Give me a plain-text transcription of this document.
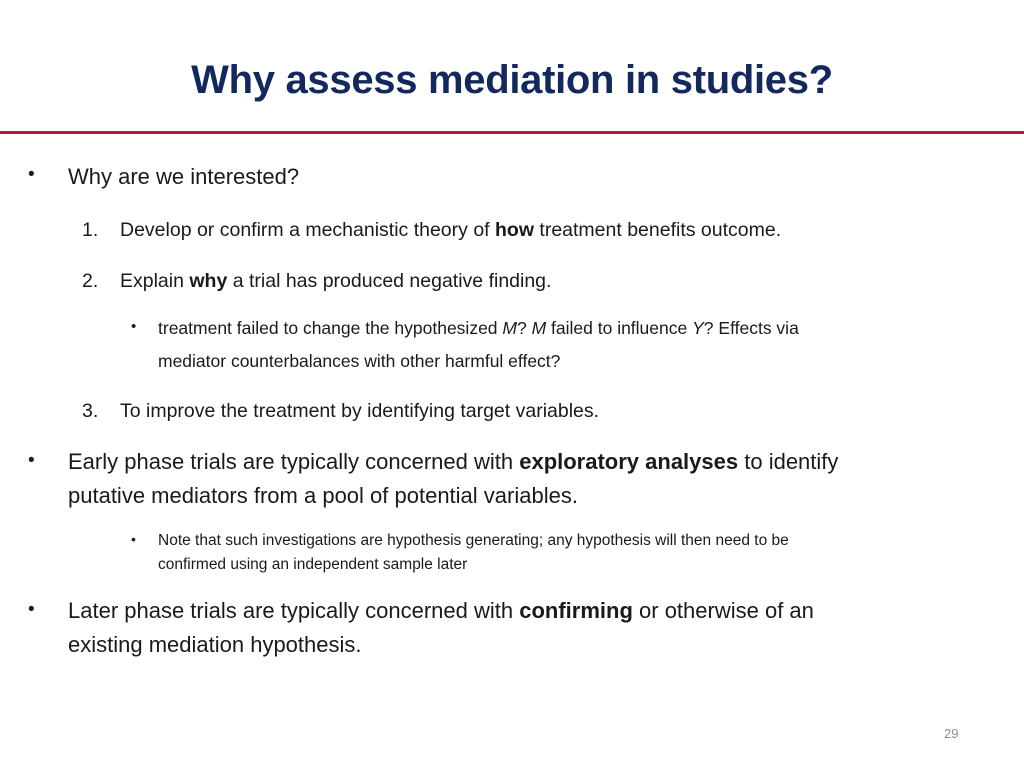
Why assess mediation in studies?
• Why are we interested?
1. Develop or confirm a mechanistic theory of how treatment benefits outcome.
2. Explain why a trial has produced negative finding.
• treatment failed to change the hypothesized M? M failed to influence Y? Effects via
mediator counterbalances with other harmful effect?
3. To improve the treatment by identifying target variables.
• Early phase trials are typically concerned with exploratory analyses to identify
putative mediators from a pool of potential variables.
• Note that such investigations are hypothesis generating; any hypothesis will then need to be
confirmed using an independent sample later
• Later phase trials are typically concerned with confirming or otherwise of an
existing mediation hypothesis.
29
